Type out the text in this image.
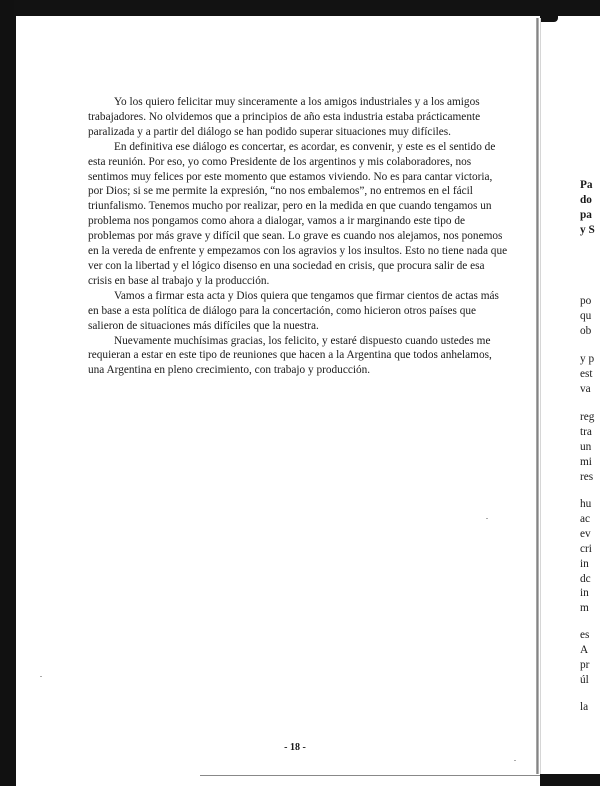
Yo los quiero felicitar muy sinceramente a los amigos industriales y a los amigos trabajadores. No olvidemos que a principios de año esta industria estaba prácticamente paralizada y a partir del diálogo se han podido superar situaciones muy difíciles.

En definitiva ese diálogo es concertar, es acordar, es convenir, y este es el sentido de esta reunión. Por eso, yo como Presidente de los argentinos y mis colaboradores, nos sentimos muy felices por este momento que estamos viviendo. No es para cantar victoria, por Dios; si se me permite la expresión, “no nos embalemos”, no entremos en el fácil triunfalismo. Tenemos mucho por realizar, pero en la medida en que cuando tengamos un problema nos pongamos como ahora a dialogar, vamos a ir marginando este tipo de problemas por más grave y difícil que sean. Lo grave es cuando nos alejamos, nos ponemos en la vereda de enfrente y empezamos con los agravios y los insultos. Esto no tiene nada que ver con la libertad y el lógico disenso en una sociedad en crisis, que procura salir de esa crisis en base al trabajo y la producción.

Vamos a firmar esta acta y Dios quiera que tengamos que firmar cientos de actas más en base a esta política de diálogo para la concertación, como hicieron otros países que salieron de situaciones más difíciles que la nuestra.

Nuevamente muchísimas gracias, los felicito, y estaré dispuesto cuando ustedes me requieran a estar en este tipo de reuniones que hacen a la Argentina que todos anhelamos, una Argentina en pleno crecimiento, con trabajo y producción.

- 18 -
Pa
do
pa
y S
po
qu
ob
y p
est
va
reg
tra
un
mi
res
hu
ac
ev
cri
in
dc
in
m
es
A
pr
úl
la
